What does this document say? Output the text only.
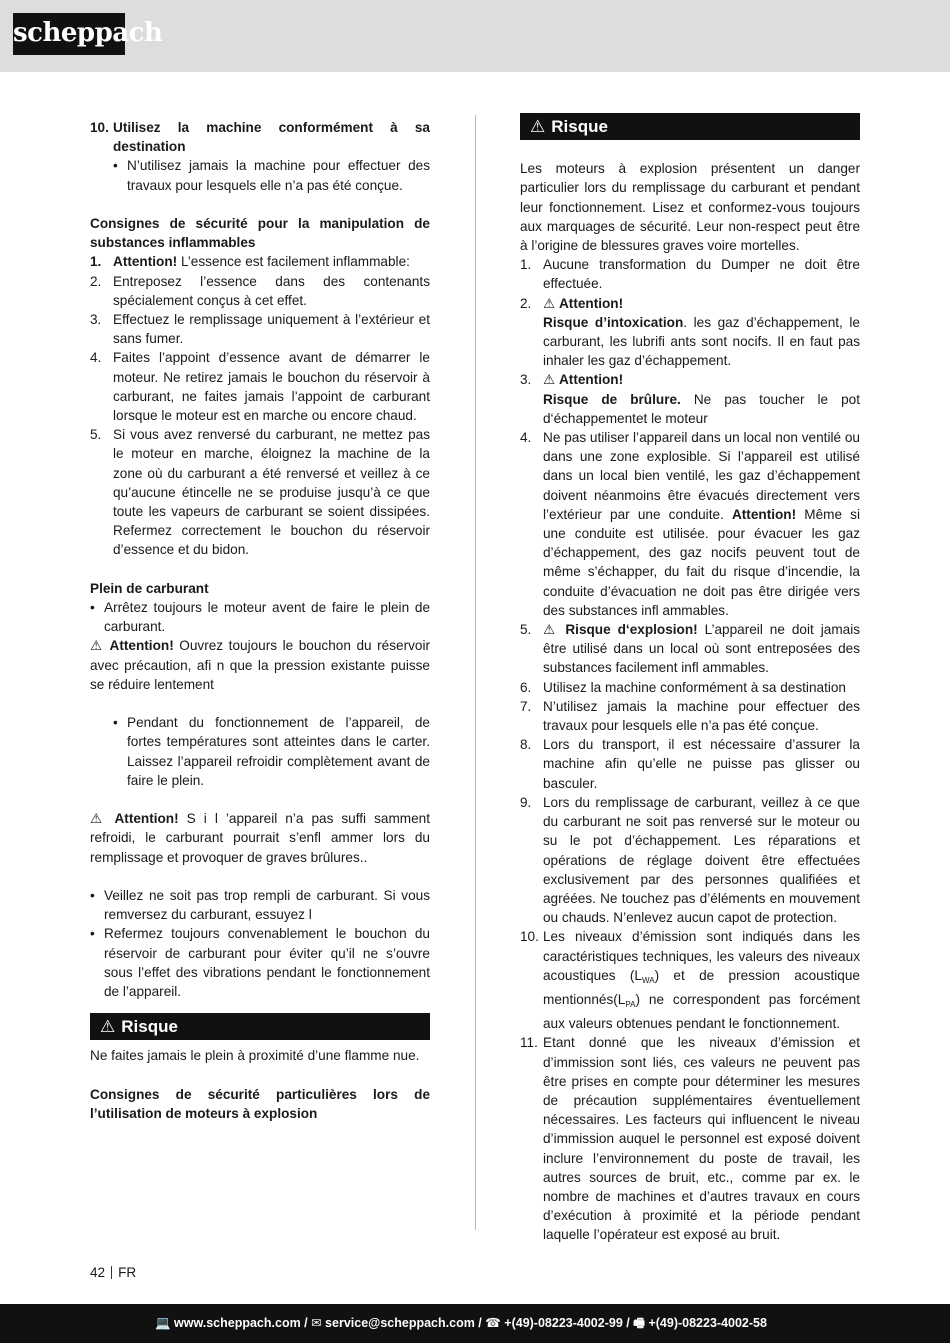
scheppach
10. Utilisez la machine conformément à sa destination
• N’utilisez jamais la machine pour effectuer des travaux pour lesquels elle n’a pas été conçue.

Consignes de sécurité pour la manipulation de substances inflammables

1. Attention! L’essence est facilement inflammable:
2. Entreposez l’essence dans des contenants spécialement conçus à cet effet.
3. Effectuez le remplissage uniquement à l’extérieur et sans fumer.
4. Faites l’appoint d’essence avant de démarrer le moteur. Ne retirez jamais le bouchon du réservoir à carburant, ne faites jamais l’appoint de carburant lorsque le moteur est en marche ou encore chaud.
5. Si vous avez renversé du carburant, ne mettez pas le moteur en marche, éloignez la machine de la zone où du carburant a été renversé et veillez à ce qu’aucune étincelle ne se produise jusqu’à ce que toute les vapeurs de carburant se soient dissipées. Refermez correctement le bouchon du réservoir d’essence et du bidon.

Plein de carburant

• Arrêtez toujours le moteur avent de faire le plein de carburant.

⚠ Attention! Ouvrez toujours le bouchon du réservoir avec précaution, afi n que la pression existante puisse se réduire lentement

• Pendant du fonctionnement de l’appareil, de fortes températures sont atteintes dans le carter. Laissez l’appareil refroidir complètement avant de faire le plein.

⚠ Attention! S i l ’appareil n’a pas suffi samment refroidi, le carburant pourrait s’enfl ammer lors du remplissage et provoquer de graves brûlures..

• Veillez ne soit pas trop rempli de carburant. Si vous remversez du carburant, essuyez l
• Refermez toujours convenablement le bouchon du réservoir de carburant pour éviter qu’il ne s’ouvre sous l’effet des vibrations pendant le fonctionnement de l’appareil.
⚠ Risque

Ne faites jamais le plein à proximité d’une flamme nue.

Consignes de sécurité particulières lors de l’utilisation de moteurs à explosion

⚠ Risque

Les moteurs à explosion présentent un danger particulier lors du remplissage du carburant et pendant leur fonctionnement. Lisez et conformez-vous toujours aux marquages de sécurité. Leur non-respect peut être à l’origine de blessures graves voire mortelles.

1. Aucune transformation du Dumper ne doit être effectuée.
2. ⚠ Attention!
Risque d’intoxication. les gaz d’échappement, le carburant, les lubrifi ants sont nocifs. Il en faut pas inhaler les gaz d’échappement.
3. ⚠ Attention!
Risque de brûlure. Ne pas toucher le pot d‘échappementet le moteur
4. Ne pas utiliser l’appareil dans un local non ventilé ou dans une zone explosible. Si l’appareil est utilisé dans un local bien ventilé, les gaz d’échappement doivent néanmoins être évacués directement vers l’extérieur par une conduite. Attention! Même si une conduite est utilisée. pour évacuer les gaz d’échappement, des gaz nocifs peuvent tout de même s’échapper, du fait du risque d’incendie, la conduite d’évacuation ne doit pas être dirigée vers des substances infl ammables.
5. ⚠ Risque d‘explosion! L’appareil ne doit jamais être utilisé dans un local où sont entreposées des substances facilement infl ammables.
6. Utilisez la machine conformément à sa destination
7. N’utilisez jamais la machine pour effectuer des travaux pour lesquels elle n’a pas été conçue.
8. Lors du transport, il est nécessaire d’assurer la machine afin qu’elle ne puisse pas glisser ou basculer.
9. Lors du remplissage de carburant, veillez à ce que du carburant ne soit pas renversé sur le moteur ou su le pot d’échappement. Les réparations et opérations de réglage doivent être effectuées exclusivement par des personnes qualifiées et agréées. Ne touchez pas d’éléments en mouvement ou chauds. N’enlevez aucun capot de protection.
10. Les niveaux d’émission sont indiqués dans les caractéristiques techniques, les valeurs des niveaux acoustiques $(L_{WA})$ et de pression acoustique $mentionnés(L_{PA})$ ne correspondent pas forcément aux valeurs obtenues pendant le fonctionnement.
11. Etant donné que les niveaux d’émission et d’immission sont liés, ces valeurs ne peuvent pas être prises en compte pour déterminer les mesures de précaution supplémentaires éventuellement nécessaires. Les facteurs qui influencent le niveau d’immission auquel le personnel est exposé doivent inclure l’environnement du poste de travail, les autres sources de bruit, etc., comme par ex. le nombre de machines et d’autres travaux en cours d’exécution à proximité et la période pendant laquelle l’opérateur est exposé au bruit.
42 FR
💻 www.scheppach.com / ✉ service@scheppach.com / ☎ +(49)-08223-4002-99 / 🖷 +(49)-08223-4002-58
